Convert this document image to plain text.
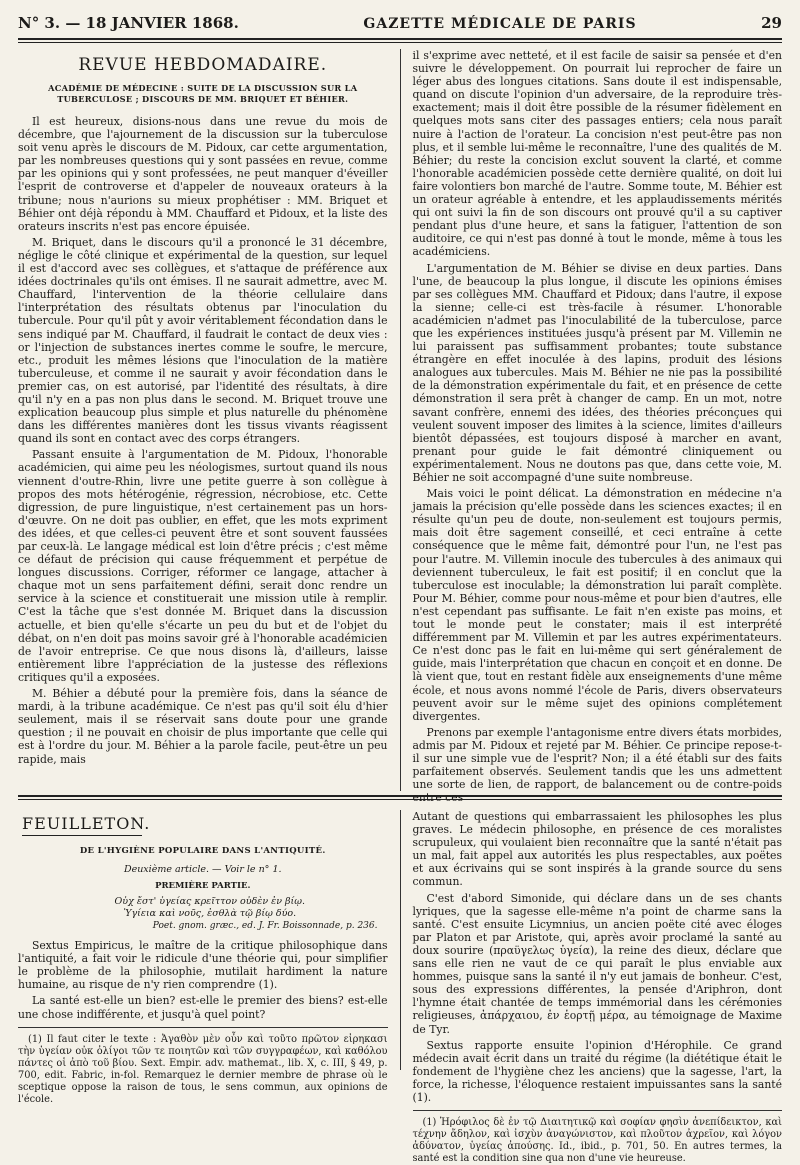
N° 3. — 18 JANVIER 1868.	GAZETTE MÉDICALE DE PARIS	29
REVUE HEBDOMADAIRE.
ACADÉMIE DE MÉDECINE : SUITE DE LA DISCUSSION SUR LA TUBERCULOSE ; DISCOURS DE MM. BRIQUET ET BÉHIER.

Il est heureux, disions-nous dans une revue du mois de décembre, que l'ajournement de la discussion sur la tuberculose soit venu après le discours de M. Pidoux, car cette argumentation, par les nombreuses questions qui y sont passées en revue, comme par les opinions qui y sont professées, ne peut manquer d'éveiller l'esprit de controverse et d'appeler de nouveaux orateurs à la tribune; nous n'aurions su mieux prophétiser : MM. Briquet et Béhier ont déjà répondu à MM. Chauffard et Pidoux, et la liste des orateurs inscrits n'est pas encore épuisée.

M. Briquet, dans le discours qu'il a prononcé le 31 décembre, néglige le côté clinique et expérimental de la question, sur lequel il est d'accord avec ses collègues, et s'attaque de préférence aux idées doctrinales qu'ils ont émises. Il ne saurait admettre, avec M. Chauffard, l'intervention de la théorie cellulaire dans l'interprétation des résultats obtenus par l'inoculation du tubercule. Pour qu'il pût y avoir véritablement fécondation dans le sens indiqué par M. Chauffard, il faudrait le contact de deux vies : or l'injection de substances inertes comme le soufre, le mercure, etc., produit les mêmes lésions que l'inoculation de la matière tuberculeuse, et comme il ne saurait y avoir fécondation dans le premier cas, on est autorisé, par l'identité des résultats, à dire qu'il n'y en a pas non plus dans le second. M. Briquet trouve une explication beaucoup plus simple et plus naturelle du phénomène dans les différentes manières dont les tissus vivants réagissent quand ils sont en contact avec des corps étrangers.

Passant ensuite à l'argumentation de M. Pidoux, l'honorable académicien, qui aime peu les néologismes, surtout quand ils nous viennent d'outre-Rhin, livre une petite guerre à son collègue à propos des mots hétérogénie, régression, nécrobiose, etc. Cette digression, de pure linguistique, n'est certainement pas un hors-d'œuvre. On ne doit pas oublier, en effet, que les mots expriment des idées, et que celles-ci peuvent être et sont souvent faussées par ceux-là. Le langage médical est loin d'être précis ; c'est même ce défaut de précision qui cause fréquemment et perpétue de longues discussions. Corriger, réformer ce langage, attacher à chaque mot un sens parfaitement défini, serait donc rendre un service à la science et constituerait une mission utile à remplir. C'est la tâche que s'est donnée M. Briquet dans la discussion actuelle, et bien qu'elle s'écarte un peu du but et de l'objet du débat, on n'en doit pas moins savoir gré à l'honorable académicien de l'avoir entreprise. Ce que nous disons là, d'ailleurs, laisse entièrement libre l'appréciation de la justesse des réflexions critiques qu'il a exposées.

M. Béhier a débuté pour la première fois, dans la séance de mardi, à la tribune académique. Ce n'est pas qu'il soit élu d'hier seulement, mais il se réservait sans doute pour une grande question ; il ne pouvait en choisir de plus importante que celle qui est à l'ordre du jour. M. Béhier a la parole facile, peut-être un peu rapide, mais

il s'exprime avec netteté, et il est facile de saisir sa pensée et d'en suivre le développement. On pourrait lui reprocher de faire un léger abus des longues citations. Sans doute il est indispensable, quand on discute l'opinion d'un adversaire, de la reproduire très-exactement; mais il doit être possible de la résumer fidèlement en quelques mots sans citer des passages entiers; cela nous paraît nuire à l'action de l'orateur. La concision n'est peut-être pas non plus, et il semble lui-même le reconnaître, l'une des qualités de M. Béhier; du reste la concision exclut souvent la clarté, et comme l'honorable académicien possède cette dernière qualité, on doit lui faire volontiers bon marché de l'autre. Somme toute, M. Béhier est un orateur agréable à entendre, et les applaudissements mérités qui ont suivi la fin de son discours ont prouvé qu'il a su captiver pendant plus d'une heure, et sans la fatiguer, l'attention de son auditoire, ce qui n'est pas donné à tout le monde, même à tous les académiciens.

L'argumentation de M. Béhier se divise en deux parties. Dans l'une, de beaucoup la plus longue, il discute les opinions émises par ses collègues MM. Chauffard et Pidoux; dans l'autre, il expose la sienne; celle-ci est très-facile à résumer. L'honorable académicien n'admet pas l'inoculabilité de la tuberculose, parce que les expériences instituées jusqu'à présent par M. Villemin ne lui paraissent pas suffisamment probantes; toute substance étrangère en effet inoculée à des lapins, produit des lésions analogues aux tubercules. Mais M. Béhier ne nie pas la possibilité de la démonstration expérimentale du fait, et en présence de cette démonstration il sera prêt à changer de camp. En un mot, notre savant confrère, ennemi des idées, des théories préconçues qui veulent souvent imposer des limites à la science, limites d'ailleurs bientôt dépassées, est toujours disposé à marcher en avant, prenant pour guide le fait démontré cliniquement ou expérimentalement. Nous ne doutons pas que, dans cette voie, M. Béhier ne soit accompagné d'une suite nombreuse.

Mais voici le point délicat. La démonstration en médecine n'a jamais la précision qu'elle possède dans les sciences exactes; il en résulte qu'un peu de doute, non-seulement est toujours permis, mais doit être sagement conseillé, et ceci entraîne à cette conséquence que le même fait, démontré pour l'un, ne l'est pas pour l'autre. M. Villemin inocule des tubercules à des animaux qui deviennent tuberculeux, le fait est positif; il en conclut que la tuberculose est inoculable; la démonstration lui paraît complète. Pour M. Béhier, comme pour nous-même et pour bien d'autres, elle n'est cependant pas suffisante. Le fait n'en existe pas moins, et tout le monde peut le constater; mais il est interprété différemment par M. Villemin et par les autres expérimentateurs. Ce n'est donc pas le fait en lui-même qui sert généralement de guide, mais l'interprétation que chacun en conçoit et en donne. De là vient que, tout en restant fidèle aux enseignements d'une même école, et nous avons nommé l'école de Paris, divers observateurs peuvent avoir sur le même sujet des opinions complétement divergentes.

Prenons par exemple l'antagonisme entre divers états morbides, admis par M. Pidoux et rejeté par M. Béhier. Ce principe repose-t-il sur une simple vue de l'esprit? Non; il a été établi sur des faits parfaitement observés. Seulement tandis que les uns admettent une sorte de lien, de rapport, de balancement ou de contre-poids entre ces

FEUILLETON.
DE L'HYGIÈNE POPULAIRE DANS L'ANTIQUITÉ.
Deuxième article. — Voir le n° 1.
PREMIÈRE PARTIE.

Οὐχ ἔστ' ὑγείας κρεῖττον οὐδὲν ἐν βίῳ.

Ὑγίεια καὶ νοῦς, ἐσθλὰ τῷ βίῳ δύο.

Poet. gnom. græc., ed. J. Fr. Boissonnade, p. 236.

Sextus Empiricus, le maître de la critique philosophique dans l'antiquité, a fait voir le ridicule d'une théorie qui, pour simplifier le problème de la philosophie, mutilait hardiment la nature humaine, au risque de n'y rien comprendre (1).

La santé est-elle un bien? est-elle le premier des biens? est-elle une chose indifférente, et jusqu'à quel point?

(1) Il faut citer le texte : Ἀγαθὸν μὲν οὖν καὶ τοῦτο πρῶτον εἰρηκασι τὴν ὑγείαν οὐκ ὀλίγοι τῶν τε ποιητῶν καὶ τῶν συγγραφέων, καὶ καθόλου πάντες οἱ ἀπὸ τοῦ βίου. Sext. Empir. adv. mathemat., lib. X, c. III, § 49, p. 700, edit. Fabric, in-fol. Remarquez le dernier membre de phrase où le sceptique oppose la raison de tous, le sens commun, aux opinions de l'école.

Autant de questions qui embarrassaient les philosophes les plus graves. Le médecin philosophe, en présence de ces moralistes scrupuleux, qui voulaient bien reconnaître que la santé n'était pas un mal, fait appel aux autorités les plus respectables, aux poëtes et aux écrivains qui se sont inspirés à la grande source du sens commun.

C'est d'abord Simonide, qui déclare dans un de ses chants lyriques, que la sagesse elle-même n'a point de charme sans la santé. C'est ensuite Licymnius, un ancien poëte cité avec éloges par Platon et par Aristote, qui, après avoir proclamé la santé au doux sourire (πραϋγελως ὑγεία), la reine des dieux, déclare que sans elle rien ne vaut de ce qui paraît le plus enviable aux hommes, puisque sans la santé il n'y eut jamais de bonheur. C'est, sous des expressions différentes, la pensée d'Ariphron, dont l'hymne était chantée de temps immémorial dans les cérémonies religieuses, ἀπάρχαιου, ἐν ἑορτῇ μέρα, au témoignage de Maxime de Tyr.

Sextus rapporte ensuite l'opinion d'Hérophile. Ce grand médecin avait écrit dans un traité du régime (la diététique était le fondement de l'hygiène chez les anciens) que la sagesse, l'art, la force, la richesse, l'éloquence restaient impuissantes sans la santé (1).

(1) Ἡρόφιλος δὲ ἐν τῷ Διαιτητικῷ καὶ σοφίαν φησὶν ἀνεπίδεικτον, καὶ τέχνην ἄδηλον, καὶ ἰσχὺν ἀναγώνιστον, καὶ πλοῦτον ἀχρεῖον, καὶ λόγον ἀδύνατον, ὑγείας ἀπούσης. Id., ibid., p. 701, 50. En autres termes, la santé est la condition sine qua non d'une vie heureuse.
